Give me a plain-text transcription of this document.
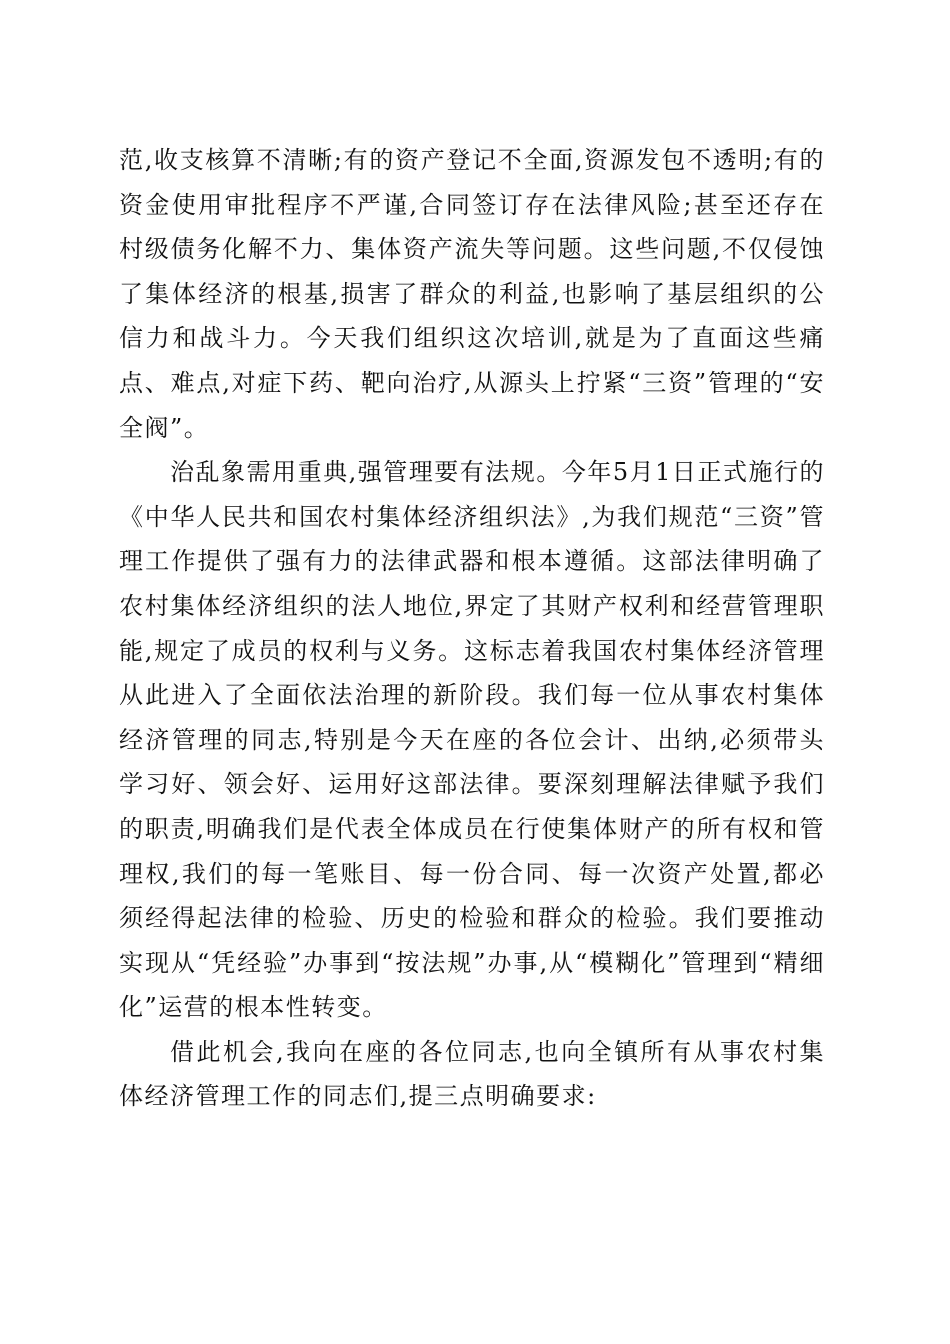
范,收支核算不清晰;有的资产登记不全面,资源发包不透明;有的资金使用审批程序不严谨,合同签订存在法律风险;甚至还存在村级债务化解不力、集体资产流失等问题。这些问题,不仅侵蚀了集体经济的根基,损害了群众的利益,也影响了基层组织的公信力和战斗力。今天我们组织这次培训,就是为了直面这些痛点、难点,对症下药、靶向治疗,从源头上拧紧“三资”管理的“安全阀”。

治乱象需用重典,强管理要有法规。今年5月1日正式施行的《中华人民共和国农村集体经济组织法》,为我们规范“三资”管理工作提供了强有力的法律武器和根本遵循。这部法律明确了农村集体经济组织的法人地位,界定了其财产权利和经营管理职能,规定了成员的权利与义务。这标志着我国农村集体经济管理从此进入了全面依法治理的新阶段。我们每一位从事农村集体经济管理的同志,特别是今天在座的各位会计、出纳,必须带头学习好、领会好、运用好这部法律。要深刻理解法律赋予我们的职责,明确我们是代表全体成员在行使集体财产的所有权和管理权,我们的每一笔账目、每一份合同、每一次资产处置,都必须经得起法律的检验、历史的检验和群众的检验。我们要推动实现从“凭经验”办事到“按法规”办事,从“模糊化”管理到“精细化”运营的根本性转变。

借此机会,我向在座的各位同志,也向全镇所有从事农村集体经济管理工作的同志们,提三点明确要求:
